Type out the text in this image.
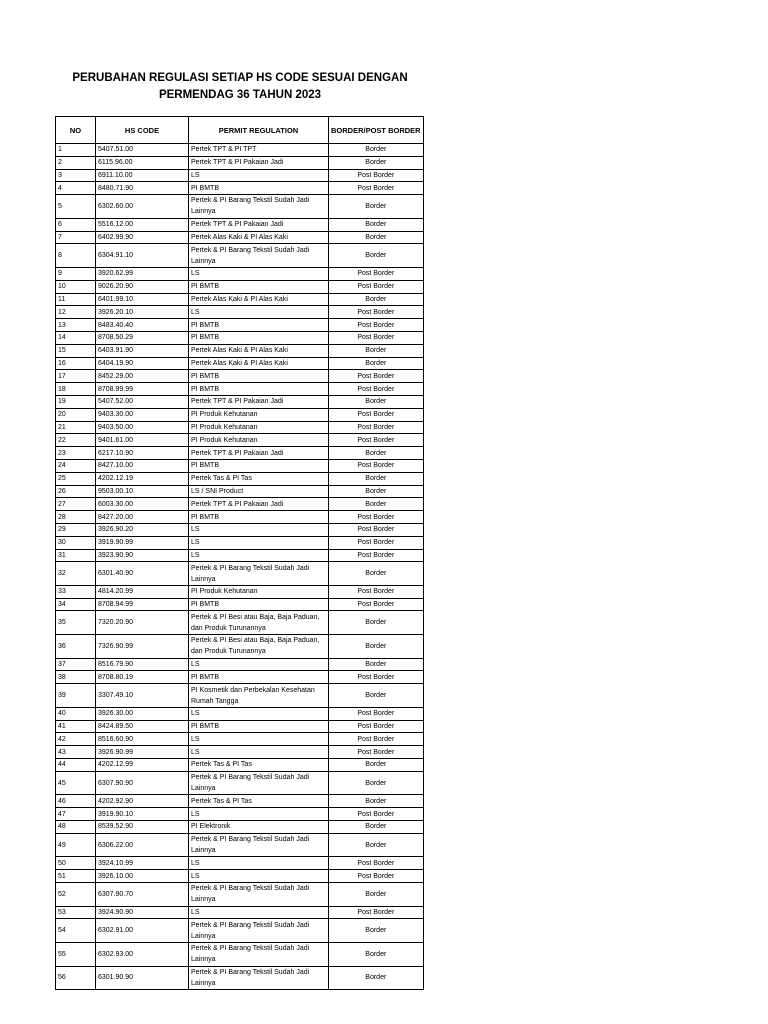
PERUBAHAN REGULASI SETIAP HS CODE SESUAI DENGAN
PERMENDAG 36 TAHUN 2023
NO	HS CODE	PERMIT REGULATION	BORDER/POST BORDER
1	5407.51.00	Pertek TPT & PI TPT	Border
2	6115.96.00	Pertek TPT & PI Pakaian Jadi	Border
3	6911.10.00	LS	Post Border
4	8480.71.90	PI BMTB	Post Border
5	6302.60.00	Pertek & PI Barang Tekstil Sudah Jadi Lainnya	Border
6	5516.12.00	Pertek TPT & PI Pakaian Jadi	Border
7	6402.99.90	Pertek Alas Kaki & PI Alas Kaki	Border
8	6304.91.10	Pertek & PI Barang Tekstil Sudah Jadi Lainnya	Border
9	3920.62.99	LS	Post Border
10	9026.20.90	PI BMTB	Post Border
11	6401.99.10	Pertek Alas Kaki & PI Alas Kaki	Border
12	3926.20.10	LS	Post Border
13	8483.40.40	PI BMTB	Post Border
14	8708.50.29	PI BMTB	Post Border
15	6403.91.90	Pertek Alas Kaki & PI Alas Kaki	Border
16	6404.19.90	Pertek Alas Kaki & PI Alas Kaki	Border
17	8452.29.00	PI BMTB	Post Border
18	8708.99.99	PI BMTB	Post Border
19	5407.52.00	Pertek TPT & PI Pakaian Jadi	Border
20	9403.30.00	PI Produk Kehutanan	Post Border
21	9403.50.00	PI Produk Kehutanan	Post Border
22	9401.61.00	PI Produk Kehutanan	Post Border
23	6217.10.90	Pertek TPT & PI Pakaian Jadi	Border
24	8427.10.00	PI BMTB	Post Border
25	4202.12.19	Pertek Tas & PI Tas	Border
26	9503.00.10	LS / SNI Product	Border
27	6003.30.00	Pertek TPT & PI Pakaian Jadi	Border
28	8427.20.00	PI BMTB	Post Border
29	3926.90.20	LS	Post Border
30	3919.90.99	LS	Post Border
31	3923.90.90	LS	Post Border
32	6301.40.90	Pertek & PI Barang Tekstil Sudah Jadi Lainnya	Border
33	4814.20.99	PI Produk Kehutanan	Post Border
34	8708.94.99	PI BMTB	Post Border
35	7320.20.90	Pertek & PI Besi atau Baja, Baja Paduan, dan Produk Turunannya	Border
36	7326.90.99	Pertek & PI Besi atau Baja, Baja Paduan, dan Produk Turunannya	Border
37	8516.79.90	LS	Border
38	8708.80.19	PI BMTB	Post Border
39	3307.49.10	PI Kosmetik dan Perbekalan Kesehatan Rumah Tangga	Border
40	3926.30.00	LS	Post Border
41	8424.89.50	PI BMTB	Post Border
42	8516.60.90	LS	Post Border
43	3926.90.99	LS	Post Border
44	4202.12.99	Pertek Tas & PI Tas	Border
45	6307.90.90	Pertek & PI Barang Tekstil Sudah Jadi Lainnya	Border
46	4202.92.90	Pertek Tas & PI Tas	Border
47	3919.90.10	LS	Post Border
48	8539.52.90	PI Elektronik	Border
49	6306.22.00	Pertek & PI Barang Tekstil Sudah Jadi Lainnya	Border
50	3924.10.99	LS	Post Border
51	3926.10.00	LS	Post Border
52	6307.90.70	Pertek & PI Barang Tekstil Sudah Jadi Lainnya	Border
53	3924.90.90	LS	Post Border
54	6302.91.00	Pertek & PI Barang Tekstil Sudah Jadi Lainnya	Border
55	6302.93.00	Pertek & PI Barang Tekstil Sudah Jadi Lainnya	Border
56	6301.90.90	Pertek & PI Barang Tekstil Sudah Jadi Lainnya	Border
